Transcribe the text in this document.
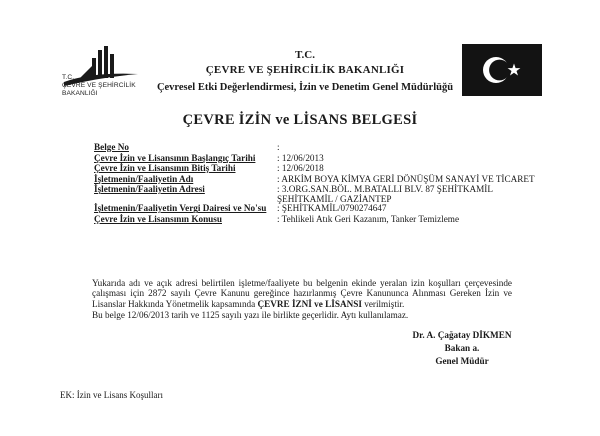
T.C.
ÇEVRE VE ŞEHİRCİLİK
BAKANLIĞI
T.C.
ÇEVRE VE ŞEHİRCİLİK BAKANLIĞI
Çevresel Etki Değerlendirmesi, İzin ve Denetim Genel Müdürlüğü
ÇEVRE İZİN ve LİSANS BELGESİ
Belge No	:
Çevre İzin ve Lisansının Başlangıç Tarihi : 12/06/2013
Çevre İzin ve Lisansının Bitiş Tarihi	: 12/06/2018
İşletmenin/Faaliyetin Adı	: ARKİM BOYA KİMYA GERİ DÖNÜŞÜM SANAYİ VE TİCARET
İşletmenin/Faaliyetin Adresi	: 3.ORG.SAN.BÖL. M.BATALLI BLV. 87 ŞEHİTKAMİL
ŞEHİTKAMİL / GAZİANTEP
İşletmenin/Faaliyetin Vergi Dairesi ve No'su : ŞEHİTKAMİL/0790274647
Çevre İzin ve Lisansının Konusu	: Tehlikeli Atık Geri Kazanım, Tanker Temizleme
Yukarıda adı ve açık adresi belirtilen işletme/faaliyete bu belgenin ekinde yeralan izin koşulları çerçevesinde çalışması için 2872 sayılı Çevre Kanunu gereğince hazırlanmış Çevre Kanununca Alınması Gereken İzin ve Lisanslar Hakkında Yönetmelik kapsamında ÇEVRE İZNİ ve LİSANSI verilmiştir.
Bu belge 12/06/2013 tarih ve 1125 sayılı yazı ile birlikte geçerlidir. Aytı kullanılamaz.
Dr. A. Çağatay DİKMEN
Bakan a.
Genel Müdür
EK: İzin ve Lisans Koşulları
